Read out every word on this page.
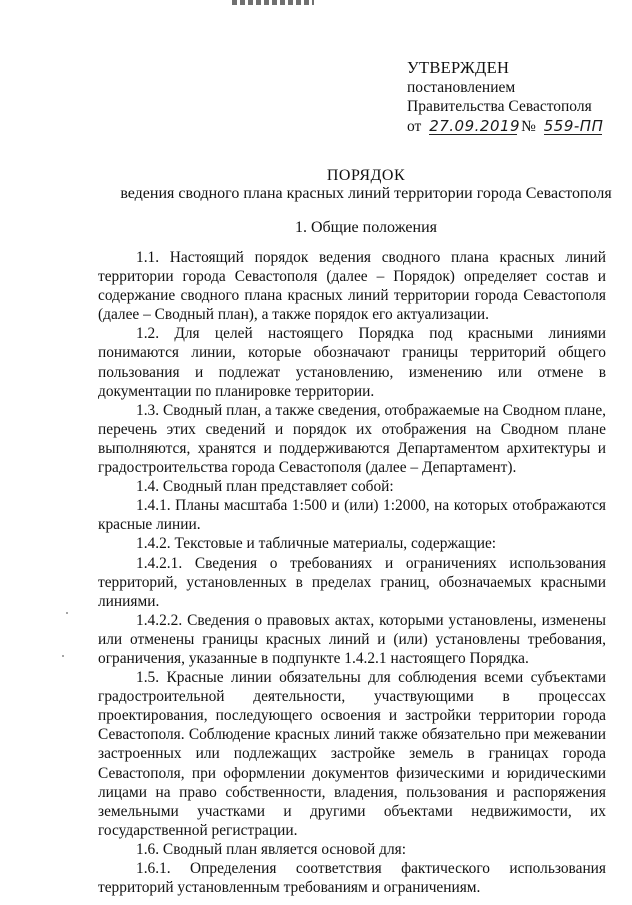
УТВЕРЖДЕН
постановлением
Правительства Севастополя
от 27.09.2019 № 559-ПП
ПОРЯДОК
ведения сводного плана красных линий территории города Севастополя
1. Общие положения

1.1. Настоящий порядок ведения сводного плана красных линий территории города Севастополя (далее – Порядок) определяет состав и содержание сводного плана красных линий территории города Севастополя (далее – Сводный план), а также порядок его актуализации.

1.2. Для целей настоящего Порядка под красными линиями понимаются линии, которые обозначают границы территорий общего пользования и подлежат установлению, изменению или отмене в документации по планировке территории.

1.3. Сводный план, а также сведения, отображаемые на Сводном плане, перечень этих сведений и порядок их отображения на Сводном плане выполняются, хранятся и поддерживаются Департаментом архитектуры и градостроительства города Севастополя (далее – Департамент).

1.4. Сводный план представляет собой:

1.4.1. Планы масштаба 1:500 и (или) 1:2000, на которых отображаются красные линии.

1.4.2. Текстовые и табличные материалы, содержащие:

1.4.2.1. Сведения о требованиях и ограничениях использования территорий, установленных в пределах границ, обозначаемых красными линиями.

1.4.2.2. Сведения о правовых актах, которыми установлены, изменены или отменены границы красных линий и (или) установлены требования, ограничения, указанные в подпункте 1.4.2.1 настоящего Порядка.

1.5. Красные линии обязательны для соблюдения всеми субъектами градостроительной деятельности, участвующими в процессах проектирования, последующего освоения и застройки территории города Севастополя. Соблюдение красных линий также обязательно при межевании застроенных или подлежащих застройке земель в границах города Севастополя, при оформлении документов физическими и юридическими лицами на право собственности, владения, пользования и распоряжения земельными участками и другими объектами недвижимости, их государственной регистрации.

1.6. Сводный план является основой для:

1.6.1. Определения соответствия фактического использования территорий установленным требованиям и ограничениям.
